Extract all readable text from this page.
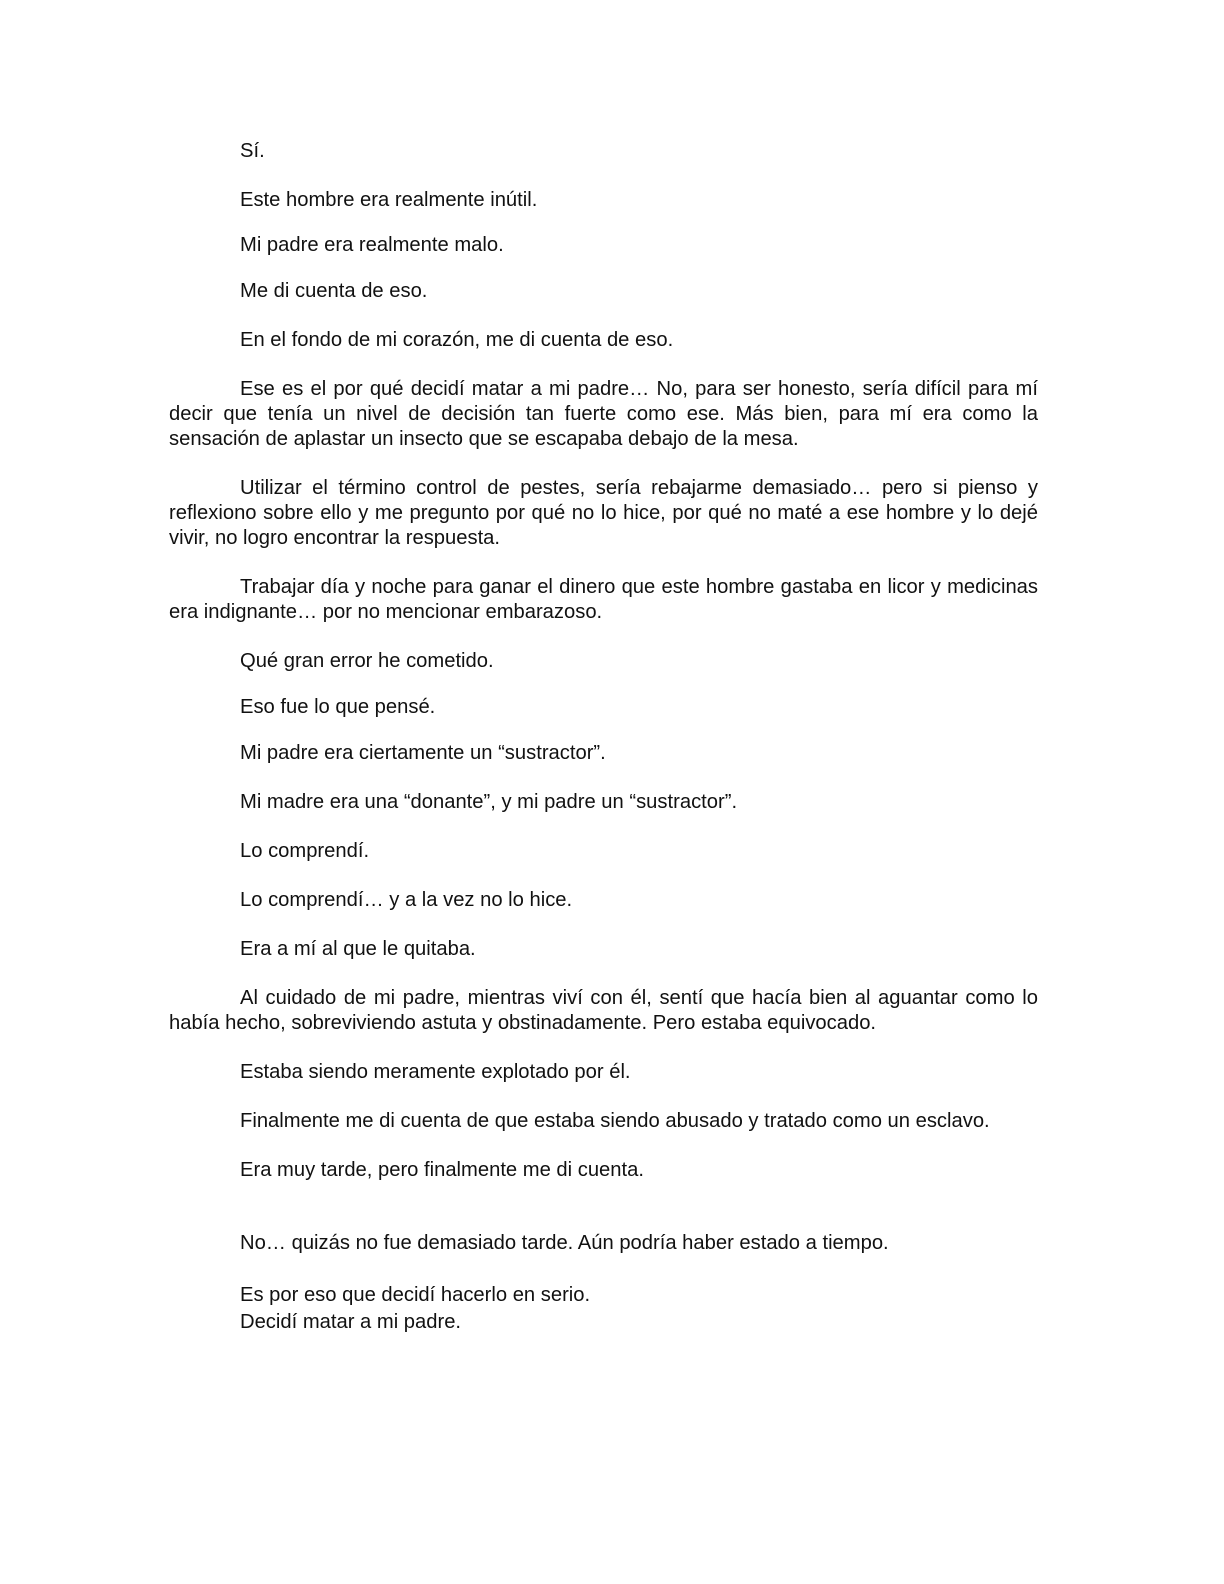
Sí.

Este hombre era realmente inútil.

Mi padre era realmente malo.

Me di cuenta de eso.

En el fondo de mi corazón, me di cuenta de eso.

Ese es el por qué decidí matar a mi padre… No, para ser honesto, sería difícil para mí decir que tenía un nivel de decisión tan fuerte como ese. Más bien, para mí era como la sensación de aplastar un insecto que se escapaba debajo de la mesa.

Utilizar el término control de pestes, sería rebajarme demasiado… pero si pienso y reflexiono sobre ello y me pregunto por qué no lo hice, por qué no maté a ese hombre y lo dejé vivir, no logro encontrar la respuesta.

Trabajar día y noche para ganar el dinero que este hombre gastaba en licor y medicinas era indignante… por no mencionar embarazoso.

Qué gran error he cometido.

Eso fue lo que pensé.

Mi padre era ciertamente un “sustractor”.

Mi madre era una “donante”, y mi padre un “sustractor”.

Lo comprendí.

Lo comprendí… y a la vez no lo hice.

Era a mí al que le quitaba.

Al cuidado de mi padre, mientras viví con él, sentí que hacía bien al aguantar como lo había hecho, sobreviviendo astuta y obstinadamente. Pero estaba equivocado.

Estaba siendo meramente explotado por él.

Finalmente me di cuenta de que estaba siendo abusado y tratado como un esclavo.

Era muy tarde, pero finalmente me di cuenta.

No… quizás no fue demasiado tarde. Aún podría haber estado a tiempo.

Es por eso que decidí hacerlo en serio.

Decidí matar a mi padre.
